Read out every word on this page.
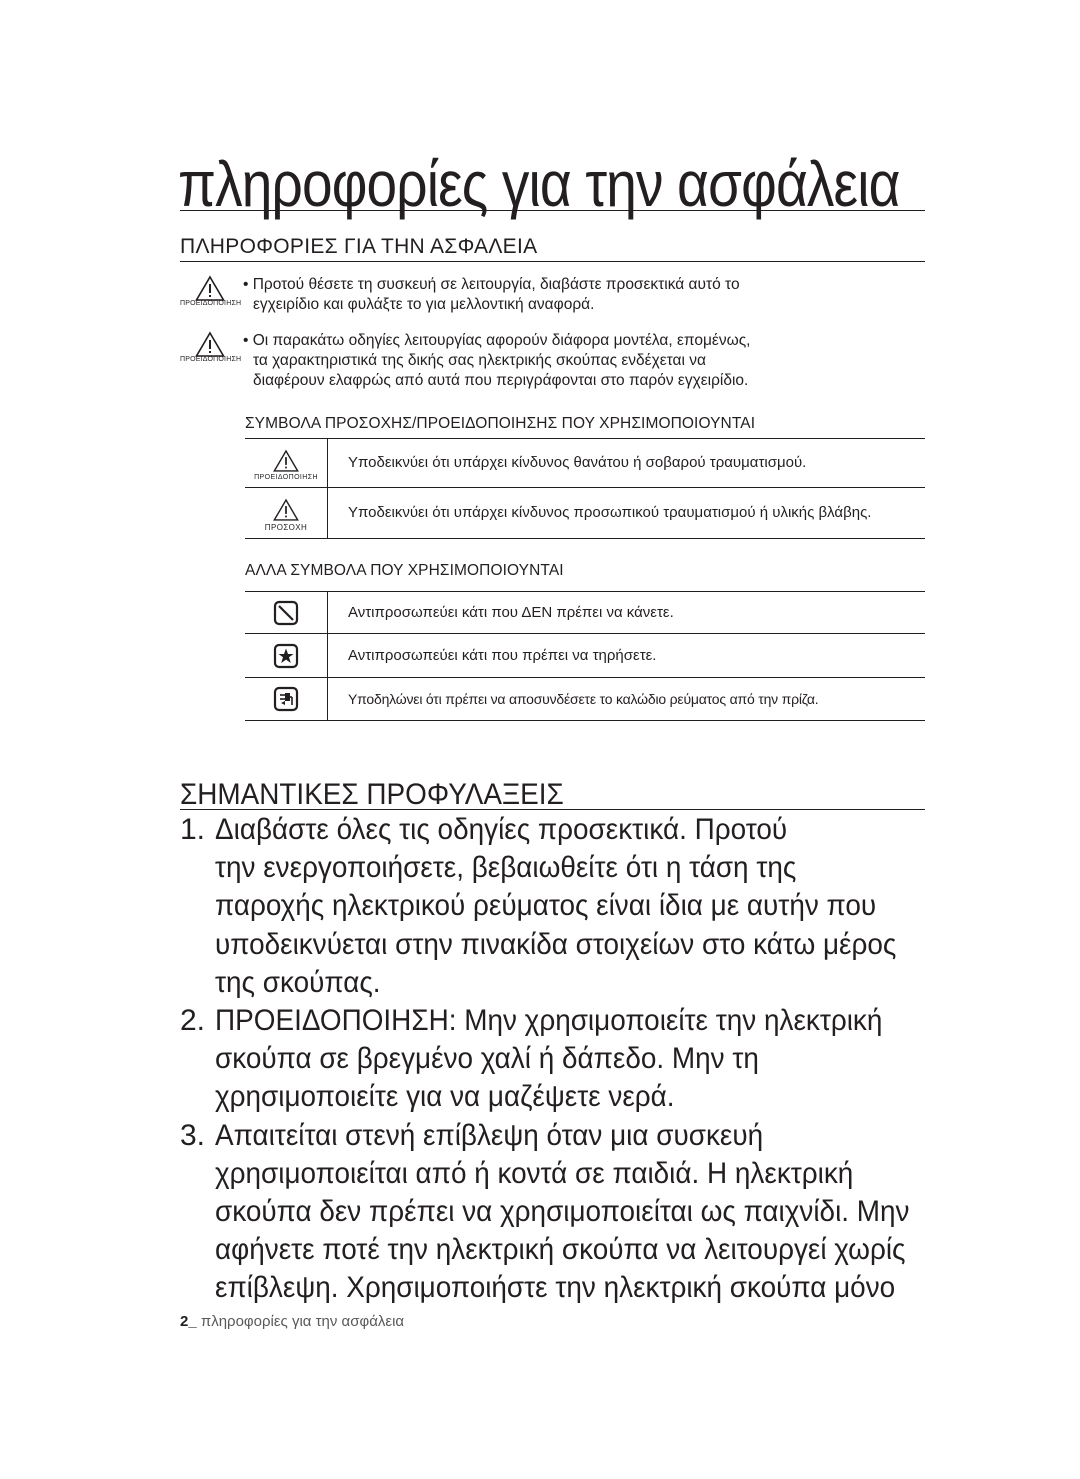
πληροφορίες για την ασφάλεια
ΠΛΗΡΟΦΟΡΙΕΣ ΓΙΑ ΤΗΝ ΑΣΦΑΛΕΙΑ
ΠΡΟΕΙΔΟΠΟΙΗΣΗ
• Προτού θέσετε τη συσκευή σε λειτουργία, διαβάστε προσεκτικά αυτό το
εγχειρίδιο και φυλάξτε το για μελλοντική αναφορά.
ΠΡΟΕΙΔΟΠΟΙΗΣΗ
• Οι παρακάτω οδηγίες λειτουργίας αφορούν διάφορα μοντέλα, επομένως,
τα χαρακτηριστικά της δικής σας ηλεκτρικής σκούπας ενδέχεται να
διαφέρουν ελαφρώς από αυτά που περιγράφονται στο παρόν εγχειρίδιο.
ΣΥΜΒΟΛΑ ΠΡΟΣΟΧΗΣ/ΠΡΟΕΙΔΟΠΟΙΗΣΗΣ ΠΟΥ ΧΡΗΣΙΜΟΠΟΙΟΥΝΤΑΙ
ΠΡΟΕΙΔΟΠΟΙΗΣΗ	Υποδεικνύει ότι υπάρχει κίνδυνος θανάτου ή σοβαρού τραυματισμού.

ΠΡΟΣΟΧΗ	Υποδεικνύει ότι υπάρχει κίνδυνος προσωπικού τραυματισμού ή υλικής βλάβης.
ΑΛΛΑ ΣΥΜΒΟΛΑ ΠΟΥ ΧΡΗΣΙΜΟΠΟΙΟΥΝΤΑΙ
	Αντιπροσωπεύει κάτι που ΔΕΝ πρέπει να κάνετε.

	Αντιπροσωπεύει κάτι που πρέπει να τηρήσετε.

	Υποδηλώνει ότι πρέπει να αποσυνδέσετε το καλώδιο ρεύματος από την πρίζα.
ΣΗΜΑΝΤΙΚΕΣ ΠΡΟΦΥΛΑΞΕΙΣ
1. Διαβάστε όλες τις οδηγίες προσεκτικά. Προτού
την ενεργοποιήσετε, βεβαιωθείτε ότι η τάση της
παροχής ηλεκτρικού ρεύματος είναι ίδια με αυτήν που
υποδεικνύεται στην πινακίδα στοιχείων στο κάτω μέρος
της σκούπας.
2. ΠΡΟΕΙΔΟΠΟΙΗΣΗ: Μην χρησιμοποιείτε την ηλεκτρική
σκούπα σε βρεγμένο χαλί ή δάπεδο. Μην τη
χρησιμοποιείτε για να μαζέψετε νερά.
3. Απαιτείται στενή επίβλεψη όταν μια συσκευή
χρησιμοποιείται από ή κοντά σε παιδιά. Η ηλεκτρική
σκούπα δεν πρέπει να χρησιμοποιείται ως παιχνίδι. Μην
αφήνετε ποτέ την ηλεκτρική σκούπα να λειτουργεί χωρίς
επίβλεψη. Χρησιμοποιήστε την ηλεκτρική σκούπα μόνο
2_ πληροφορίες για την ασφάλεια
